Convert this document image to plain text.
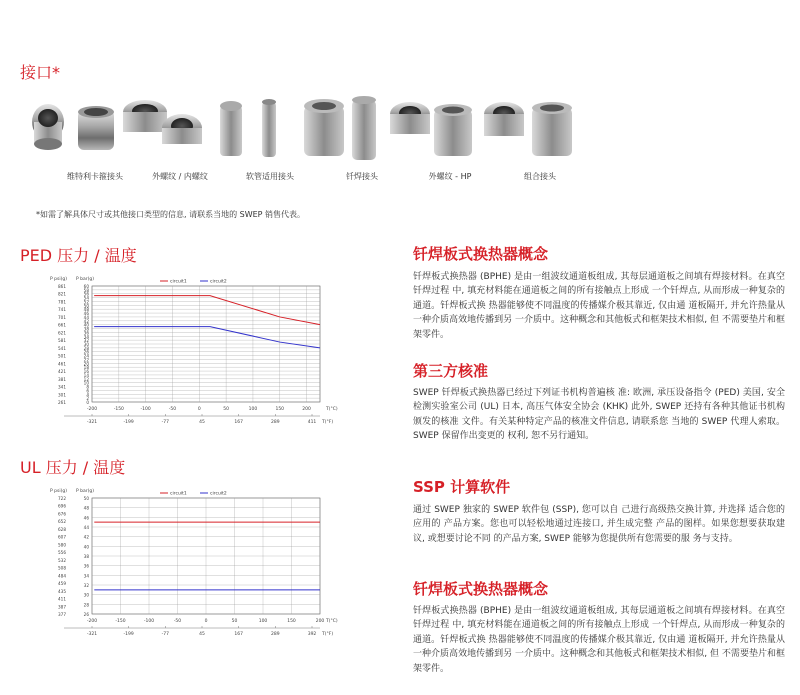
接口*
维特利卡箍接头	外螺纹 / 内螺纹	软管适用接头	钎焊接头	外螺纹 - HP	组合接头

*如需了解具体尺寸或其他接口类型的信息, 请联系当地的 SWEP 销售代表。

PED 压力 / 温度
60
58
56
54
52
50
48
46
44
42
40
38
36
34
32
30
28
26
24
22
20
18
16
14
12
10
8
6
4
2
0
-200	-150	-100	-50	0	50	100	150	200
861
821
781
741
701
661
621
581
541
501
461
421
381
341
301
261
-321	-199	-77	45	167	289	411
P psi(g) P bar(g)
T(°C)
T(°F)
circuit1	circuit2
UL 压力 / 温度
50
48
46
44
42
40
38
36
34
32
30
28
26
-200	-150	-100	-50	0	50	100	150	200
722
696
676
652
628
607
580
556
532
508
484
459
435
411
387
377
-321	-199	-77	45	167	289	392
P psi(g) P bar(g)
T(°C)
T(°F)
circuit1	circuit2
钎焊板式换热器概念

钎焊板式换热器 (BPHE) 是由一组波纹通道板组成, 其每层通道板之间填有焊接材料。在真空钎焊过程 中, 填充材料能在通道板之间的所有接触点上形成 一个钎焊点, 从而形成一种复杂的通道。钎焊板式换 热器能够使不同温度的传播媒介极其靠近, 仅由通 道板隔开, 并允许热量从一种介质高效地传播到另 一介质中。这种概念和其他板式和框架技术相似, 但 不需要垫片和框架零件。

第三方核准

SWEP 钎焊板式换热器已经过下列证书机构普遍核 准: 欧洲, 承压设备指令 (PED) 美国, 安全检测实验室公司 (UL) 日本, 高压气体安全协会 (KHK) 此外, SWEP 还持有各种其他证书机构颁发的核准 文件。有关某种特定产品的核准文件信息, 请联系您 当地的 SWEP 代理人索取。SWEP 保留作出变更的 权利, 恕不另行通知。

SSP 计算软件

通过 SWEP 独家的 SWEP 软件包 (SSP), 您可以自 己进行高级热交换计算, 并选择 适合您的应用的 产品方案。您也可以轻松地通过连接口, 并生成完整 产品的图样。如果您想要获取建议, 或想要讨论不同 的产品方案, SWEP 能够为您提供所有您需要的服 务与支持。

钎焊板式换热器概念

钎焊板式换热器 (BPHE) 是由一组波纹通道板组成, 其每层通道板之间填有焊接材料。在真空钎焊过程 中, 填充材料能在通道板之间的所有接触点上形成 一个钎焊点, 从而形成一种复杂的通道。钎焊板式换 热器能够使不同温度的传播媒介极其靠近, 仅由通 道板隔开, 并允许热量从一种介质高效地传播到另 一介质中。这种概念和其他板式和框架技术相似, 但 不需要垫片和框架零件。
